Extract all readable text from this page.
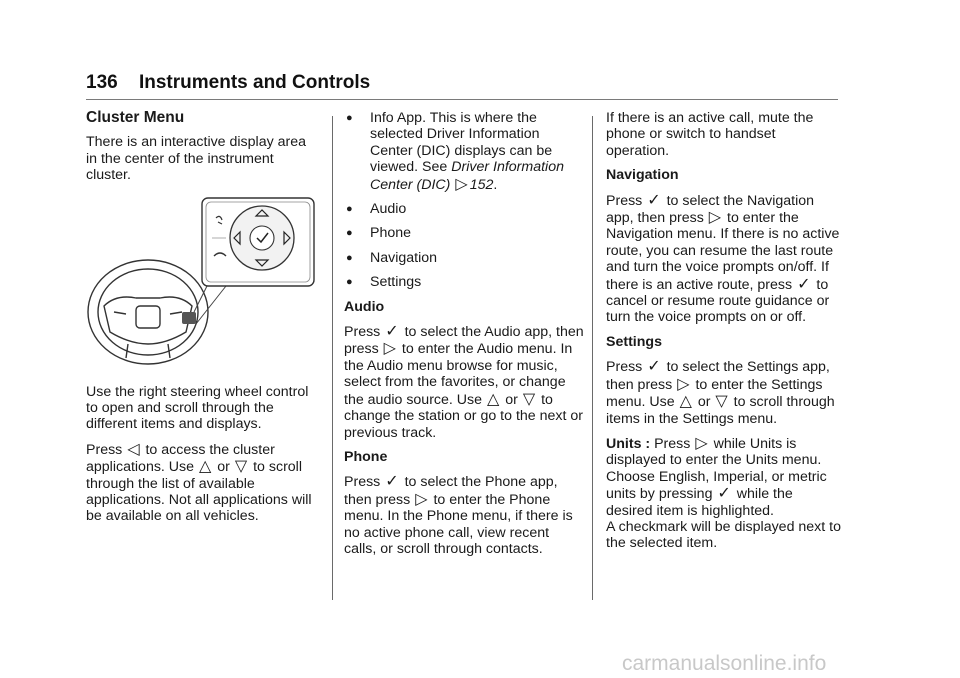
136 Instruments and Controls

Cluster Menu

There is an interactive display area in the center of the instrument cluster.

Use the right steering wheel control to open and scroll through the different items and displays.

Press ◁ to access the cluster applications. Use △ or ▽ to scroll through the list of available applications. Not all applications will be available on all vehicles.

●	Info App. This is where the selected Driver Information Center (DIC) displays can be viewed. See Driver Information Center (DIC) ▷ 152.
●	Audio
●	Phone
●	Navigation
●	Settings

Audio

Press ✓ to select the Audio app, then press ▷ to enter the Audio menu. In the Audio menu browse for music, select from the favorites, or change the audio source. Use △ or ▽ to change the station or go to the next or previous track.

Phone

Press ✓ to select the Phone app, then press ▷ to enter the Phone menu. In the Phone menu, if there is no active phone call, view recent calls, or scroll through contacts.

If there is an active call, mute the phone or switch to handset operation.

Navigation

Press ✓ to select the Navigation app, then press ▷ to enter the Navigation menu. If there is no active route, you can resume the last route and turn the voice prompts on/off. If there is an active route, press ✓ to cancel or resume route guidance or turn the voice prompts on or off.

Settings

Press ✓ to select the Settings app, then press ▷ to enter the Settings menu. Use △ or ▽ to scroll through items in the Settings menu.

Units : Press ▷ while Units is displayed to enter the Units menu. Choose English, Imperial, or metric units by pressing ✓ while the desired item is highlighted.

A checkmark will be displayed next to the selected item.

carmanualsonline.info
